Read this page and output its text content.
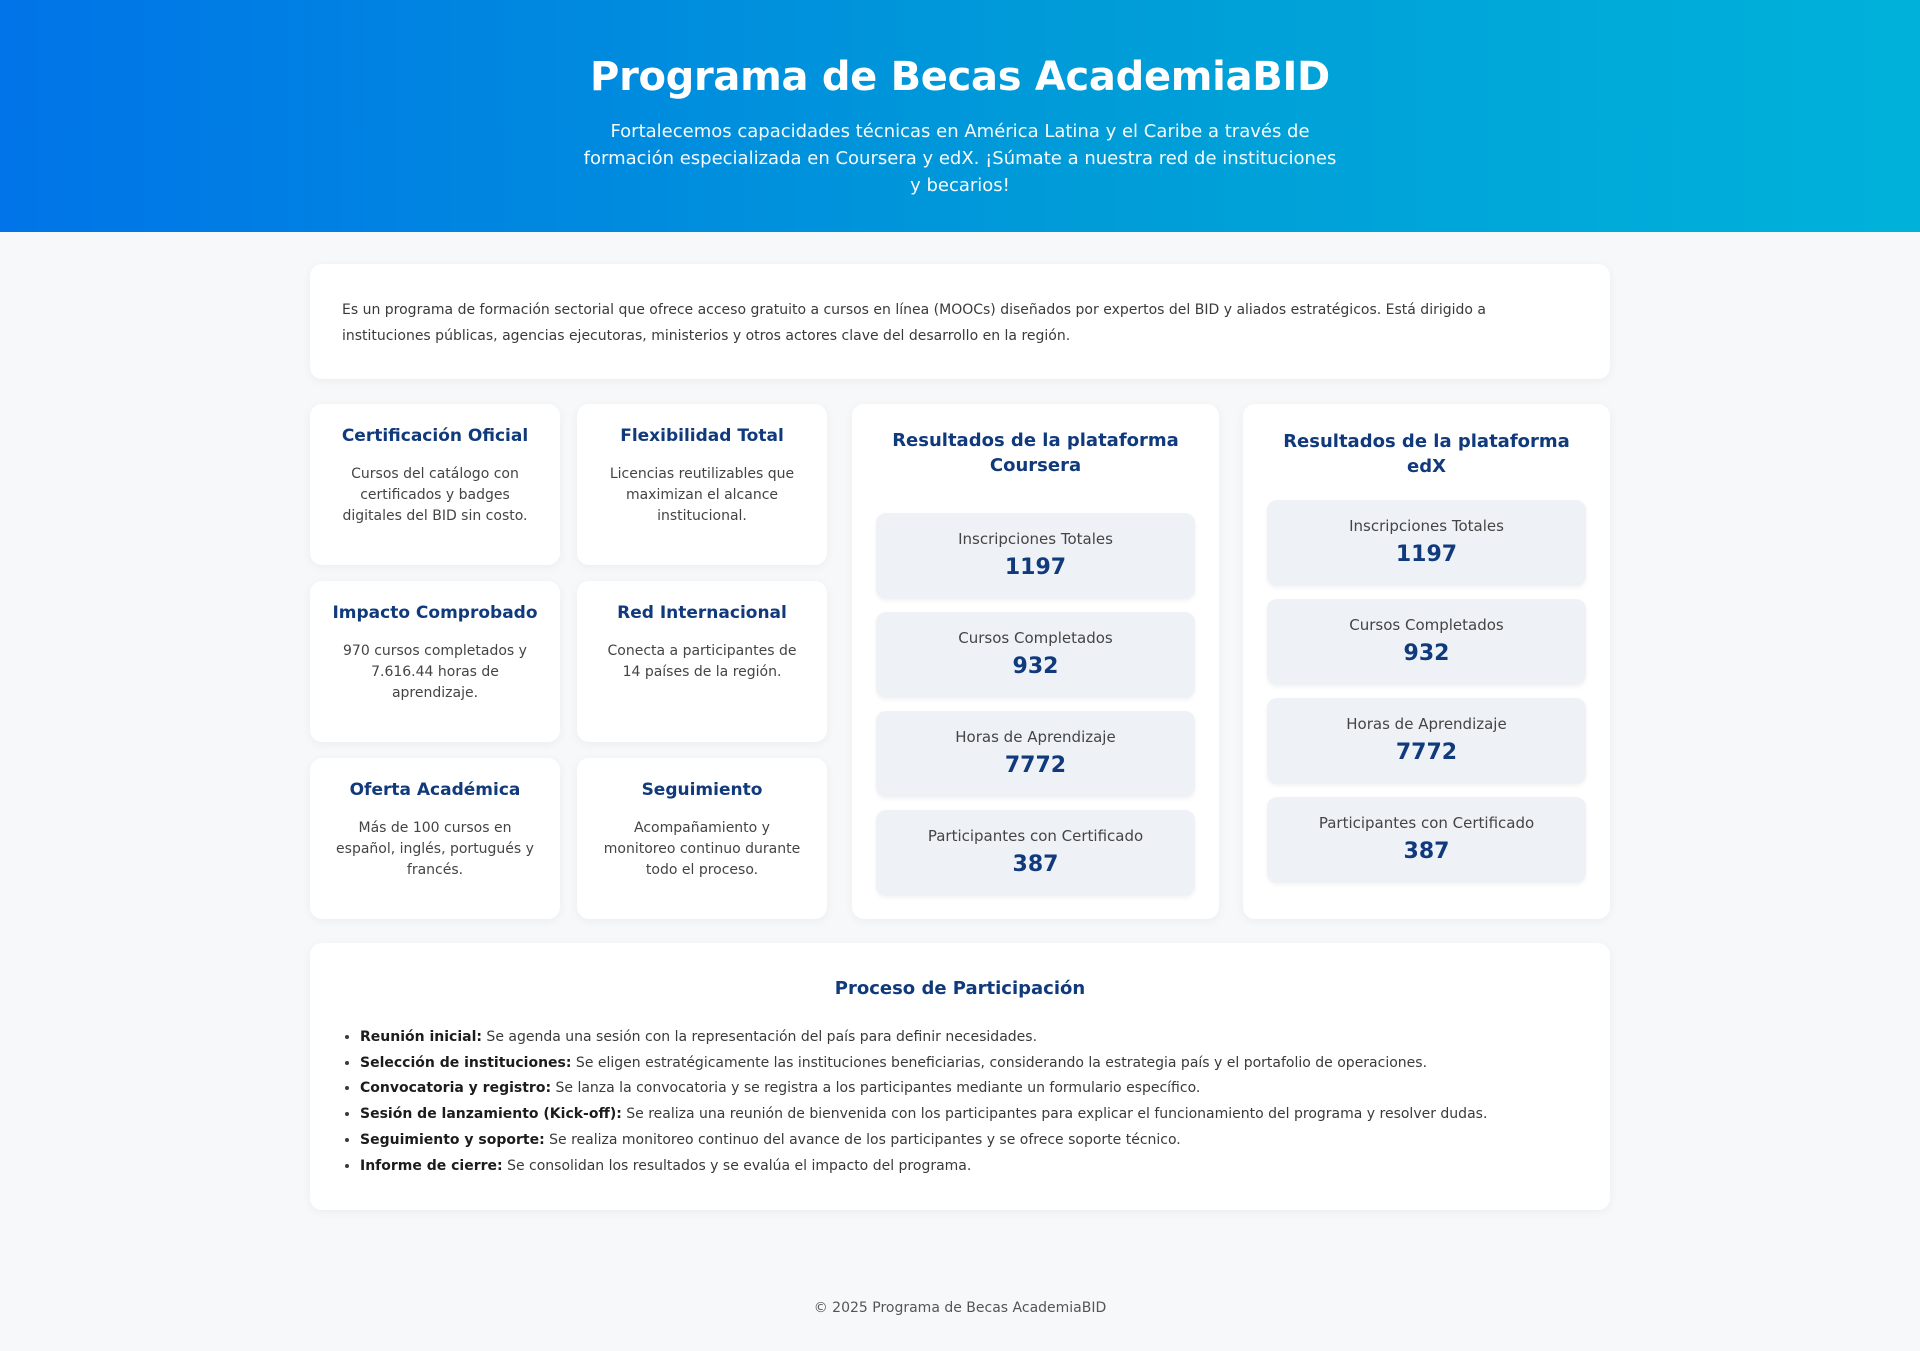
Programa de Becas AcademiaBID

Fortalecemos capacidades técnicas en América Latina y el Caribe a través de formación especializada en Coursera y edX. ¡Súmate a nuestra red de instituciones y becarios!

Es un programa de formación sectorial que ofrece acceso gratuito a cursos en línea (MOOCs) diseñados por expertos del BID y aliados estratégicos. Está dirigido a instituciones públicas, agencias ejecutoras, ministerios y otros actores clave del desarrollo en la región.

Certificación Oficial

Cursos del catálogo con certificados y badges digitales del BID sin costo.

Flexibilidad Total

Licencias reutilizables que maximizan el alcance institucional.

Impacto Comprobado

970 cursos completados y 7.616.44 horas de aprendizaje.

Red Internacional

Conecta a participantes de 14 países de la región.

Oferta Académica

Más de 100 cursos en español, inglés, portugués y francés.

Seguimiento

Acompañamiento y monitoreo continuo durante todo el proceso.

Resultados de la plataforma Coursera
Inscripciones Totales
1197
Cursos Completados
932
Horas de Aprendizaje
7772
Participantes con Certificado
387
Resultados de la plataforma edX
Inscripciones Totales
1197
Cursos Completados
932
Horas de Aprendizaje
7772
Participantes con Certificado
387
Proceso de Participación
• Reunión inicial: Se agenda una sesión con la representación del país para definir necesidades.
• Selección de instituciones: Se eligen estratégicamente las instituciones beneficiarias, considerando la estrategia país y el portafolio de operaciones.
• Convocatoria y registro: Se lanza la convocatoria y se registra a los participantes mediante un formulario específico.
• Sesión de lanzamiento (Kick-off): Se realiza una reunión de bienvenida con los participantes para explicar el funcionamiento del programa y resolver dudas.
• Seguimiento y soporte: Se realiza monitoreo continuo del avance de los participantes y se ofrece soporte técnico.
• Informe de cierre: Se consolidan los resultados y se evalúa el impacto del programa.
© 2025 Programa de Becas AcademiaBID
